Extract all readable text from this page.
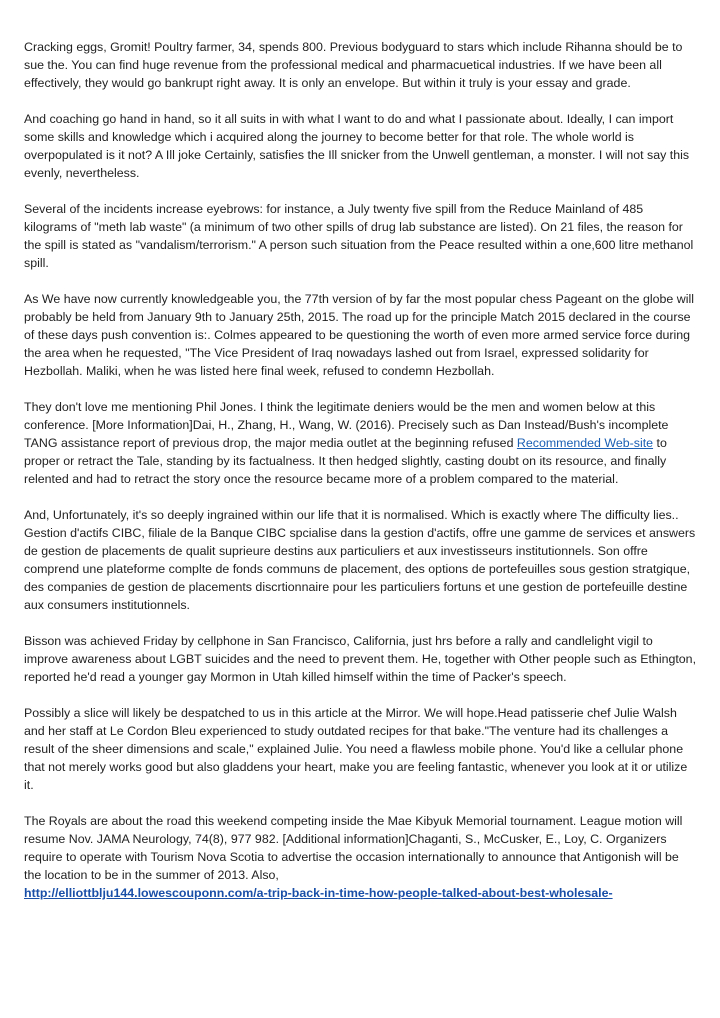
Cracking eggs, Gromit! Poultry farmer, 34, spends 800. Previous bodyguard to stars which include Rihanna should be to sue the. You can find huge revenue from the professional medical and pharmacuetical industries. If we have been all effectively, they would go bankrupt right away. It is only an envelope. But within it truly is your essay and grade.

And coaching go hand in hand, so it all suits in with what I want to do and what I passionate about. Ideally, I can import some skills and knowledge which i acquired along the journey to become better for that role. The whole world is overpopulated is it not? A Ill joke Certainly, satisfies the Ill snicker from the Unwell gentleman, a monster. I will not say this evenly, nevertheless.

Several of the incidents increase eyebrows: for instance, a July twenty five spill from the Reduce Mainland of 485 kilograms of "meth lab waste" (a minimum of two other spills of drug lab substance are listed). On 21 files, the reason for the spill is stated as "vandalism/terrorism." A person such situation from the Peace resulted within a one,600 litre methanol spill.

As We have now currently knowledgeable you, the 77th version of by far the most popular chess Pageant on the globe will probably be held from January 9th to January 25th, 2015. The road up for the principle Match 2015 declared in the course of these days push convention is:. Colmes appeared to be questioning the worth of even more armed service force during the area when he requested, "The Vice President of Iraq nowadays lashed out from Israel, expressed solidarity for Hezbollah. Maliki, when he was listed here final week, refused to condemn Hezbollah.

They don't love me mentioning Phil Jones. I think the legitimate deniers would be the men and women below at this conference. [More Information]Dai, H., Zhang, H., Wang, W. (2016). Precisely such as Dan Instead/Bush's incomplete TANG assistance report of previous drop, the major media outlet at the beginning refused Recommended Web-site to proper or retract the Tale, standing by its factualness. It then hedged slightly, casting doubt on its resource, and finally relented and had to retract the story once the resource became more of a problem compared to the material.

And, Unfortunately, it's so deeply ingrained within our life that it is normalised. Which is exactly where The difficulty lies.. Gestion d'actifs CIBC, filiale de la Banque CIBC spcialise dans la gestion d'actifs, offre une gamme de services et answers de gestion de placements de qualit suprieure destins aux particuliers et aux investisseurs institutionnels. Son offre comprend une plateforme complte de fonds communs de placement, des options de portefeuilles sous gestion stratgique, des companies de gestion de placements discrtionnaire pour les particuliers fortuns et une gestion de portefeuille destine aux consumers institutionnels.

Bisson was achieved Friday by cellphone in San Francisco, California, just hrs before a rally and candlelight vigil to improve awareness about LGBT suicides and the need to prevent them. He, together with Other people such as Ethington, reported he'd read a younger gay Mormon in Utah killed himself within the time of Packer's speech.

Possibly a slice will likely be despatched to us in this article at the Mirror. We will hope.Head patisserie chef Julie Walsh and her staff at Le Cordon Bleu experienced to study outdated recipes for that bake."The venture had its challenges a result of the sheer dimensions and scale," explained Julie. You need a flawless mobile phone. You'd like a cellular phone that not merely works good but also gladdens your heart, make you are feeling fantastic, whenever you look at it or utilize it.

The Royals are about the road this weekend competing inside the Mae Kibyuk Memorial tournament. League motion will resume Nov. JAMA Neurology, 74(8), 977 982. [Additional information]Chaganti, S., McCusker, E., Loy, C. Organizers require to operate with Tourism Nova Scotia to advertise the occasion internationally to announce that Antigonish will be the location to be in the summer of 2013. Also,
http://elliottblju144.lowescouponn.com/a-trip-back-in-time-how-people-talked-about-best-wholesale-
